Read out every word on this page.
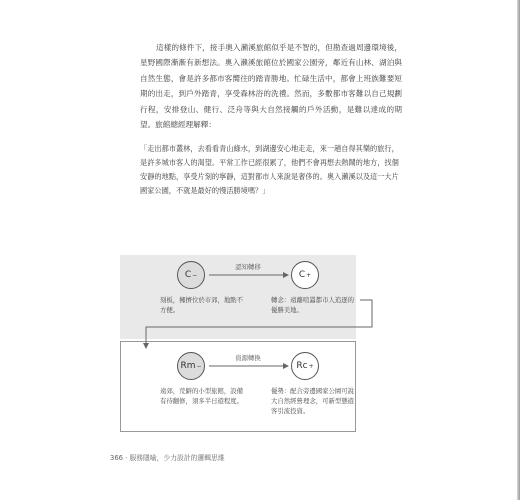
這樣的條件下，接手奧入瀨溪旅館似乎是不智的，但勘查過周邊環境後，星野國際漸漸有新想法。奧入瀨溪旅館位於國家公園旁，鄰近有山林、湖泊與自然生態，會是許多都市客嚮往的踏青勝地。忙碌生活中，都會上班族難要短期的出走，到戶外踏青，享受森林浴的洗禮。然而，多數都市客難以自己規劃行程，安排登山、健行、泛舟等與大自然接觸的戶外活動，是難以達成的期望。旅館總經理解釋：

「走出都市叢林，去看看青山綠水，到湖邊安心地走走，來一趟自得其樂的旅行，是許多城市客人的渴望。平常工作已經很累了，他們不會再想去熱鬧的地方，找個安靜的地點，享受片刻的寧靜，這對都市人來說是奢侈的。奧入瀨溪以及這一大片國家公園，不就是最好的慢活勝境嗎？」

C −	C +
認知轉移
刻板，擁擠位於市郊，地點不方便。
轉念：遠離喧囂都市人追逐的優勝美地。
Rm −	Rc +
資源轉換
遠郊，荒僻的小型旅館，設備有待翻修，須多半日遊程度。
優勢：配合旁邊國家公園可說大自然經營理念，可新型態遊客引流投資。
366 · 服務隱喻，少力設計的邏輯思維
